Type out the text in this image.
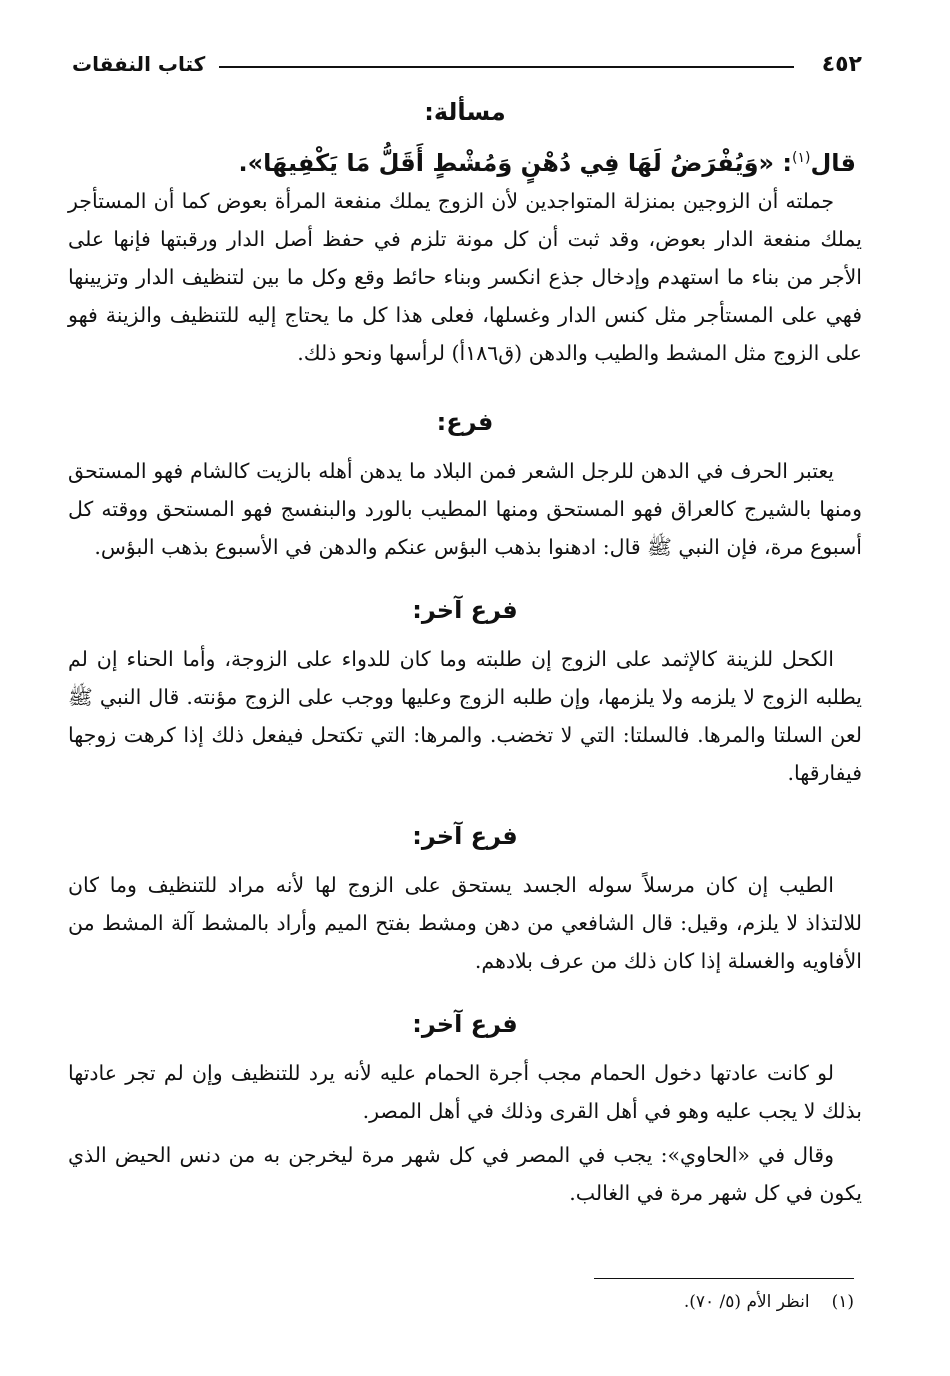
٤٥٢
كتاب النفقات
مسألة:
قال$^{(١)}$: «وَيُفْرَضُ لَهَا فِي دُهْنٍ وَمُشْطٍ أَقَلُّ مَا يَكْفِيهَا».

جملته أن الزوجين بمنزلة المتواجدين لأن الزوج يملك منفعة المرأة بعوض كما أن المستأجر يملك منفعة الدار بعوض، وقد ثبت أن كل مونة تلزم في حفظ أصل الدار ورقبتها فإنها على الأجر من بناء ما استهدم وإدخال جذع انكسر وبناء حائط وقع وكل ما بين لتنظيف الدار وتزيينها فهي على المستأجر مثل كنس الدار وغسلها، فعلى هذا كل ما يحتاج إليه للتنظيف والزينة فهو على الزوج مثل المشط والطيب والدهن (ق١٨٦أ) لرأسها ونحو ذلك.

فرع:

يعتبر الحرف في الدهن للرجل الشعر فمن البلاد ما يدهن أهله بالزيت كالشام فهو المستحق ومنها بالشيرج كالعراق فهو المستحق ومنها المطيب بالورد والبنفسج فهو المستحق ووقته كل أسبوع مرة، فإن النبي ﷺ قال: ادهنوا بذهب البؤس عنكم والدهن في الأسبوع بذهب البؤس.

فرع آخر:

الكحل للزينة كالإثمد على الزوج إن طلبته وما كان للدواء على الزوجة، وأما الحناء إن لم يطلبه الزوج لا يلزمه ولا يلزمها، وإن طلبه الزوج وعليها ووجب على الزوج مؤنته. قال النبي ﷺ لعن السلتا والمرها. فالسلتا: التي لا تخضب. والمرها: التي تكتحل فيفعل ذلك إذا كرهت زوجها فيفارقها.

فرع آخر:

الطيب إن كان مرسلاً سوله الجسد يستحق على الزوج لها لأنه مراد للتنظيف وما كان للالتذاذ لا يلزم، وقيل: قال الشافعي من دهن ومشط بفتح الميم وأراد بالمشط آلة المشط من الأفاويه والغسلة إذا كان ذلك من عرف بلادهم.

فرع آخر:

لو كانت عادتها دخول الحمام مجب أجرة الحمام عليه لأنه يرد للتنظيف وإن لم تجر عادتها بذلك لا يجب عليه وهو في أهل القرى وذلك في أهل المصر.

وقال في «الحاوي»: يجب في المصر في كل شهر مرة ليخرجن به من دنس الحيض الذي يكون في كل شهر مرة في الغالب.

(١)
انظر الأم (٥/ ٧٠).
